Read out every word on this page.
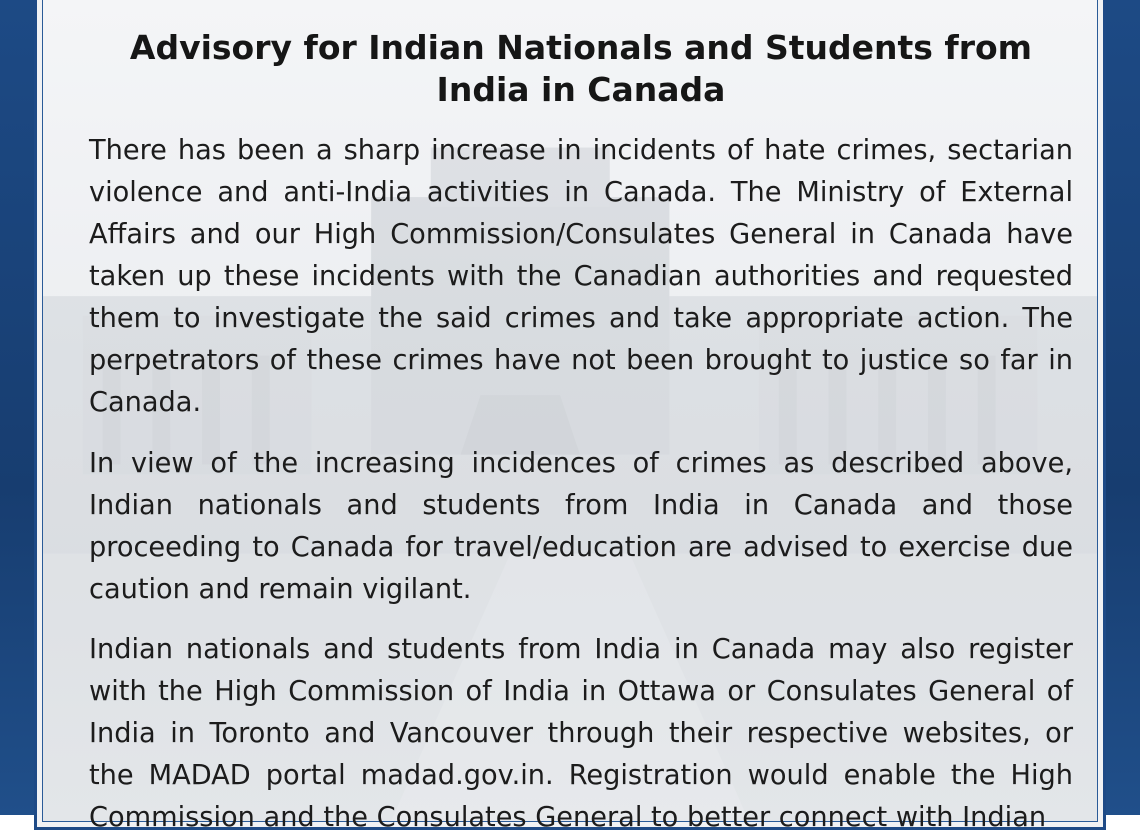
Advisory for Indian Nationals and Students from India in Canada

There has been a sharp increase in incidents of hate crimes, sectarian violence and anti-India activities in Canada. The Ministry of External Affairs and our High Commission/Consulates General in Canada have taken up these incidents with the Canadian authorities and requested them to investigate the said crimes and take appropriate action. The perpetrators of these crimes have not been brought to justice so far in Canada.

In view of the increasing incidences of crimes as described above, Indian nationals and students from India in Canada and those proceeding to Canada for travel/education are advised to exercise due caution and remain vigilant.

Indian nationals and students from India in Canada may also register with the High Commission of India in Ottawa or Consulates General of India in Toronto and Vancouver through their respective websites, or the MADAD portal madad.gov.in. Registration would enable the High Commission and the Consulates General to better connect with Indian
